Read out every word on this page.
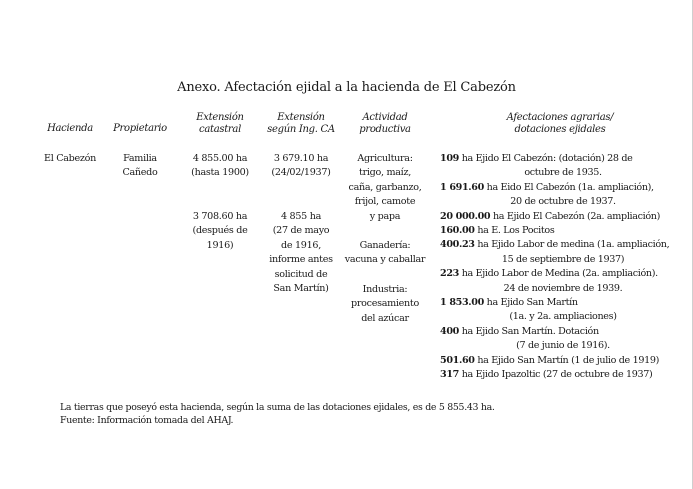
Anexo. Afectación ejidal a la hacienda de El Cabezón
Hacienda	Propietario
Extensión
catastral
Extensión
según Ing. CA
Actividad
productiva
Afectaciones agrarias/
dotaciones ejidales
El Cabezón	Familia
Cañedo
4 855.00 ha
(hasta 1900)
3 708.60 ha
(después de
1916)
3 679.10 ha
(24/02/1937)
4 855 ha
(27 de mayo
de 1916,
informe antes
solicitud de
San Martín)
Agricultura:
trigo, maíz,
caña, garbanzo,
frijol, camote
y papa
Ganadería:
vacuna y caballar
Industria:
procesamiento
del azúcar
109 ha Ejido El Cabezón: (dotación) 28 de
octubre de 1935.
1 691.60 ha Eido El Cabezón (1a. ampliación),
20 de octubre de 1937.
20 000.00 ha Ejido El Cabezón (2a. ampliación)
160.00 ha E. Los Pocitos
400.23 ha Ejido Labor de medina (1a. ampliación,
15 de septiembre de 1937)
223 ha Ejido Labor de Medina (2a. ampliación).
24 de noviembre de 1939.
1 853.00 ha Ejido San Martín
(1a. y 2a. ampliaciones)
400 ha Ejido San Martín. Dotación
(7 de junio de 1916).
501.60 ha Ejido San Martín (1 de julio de 1919)
317 ha Ejido Ipazoltic (27 de octubre de 1937)
La tierras que poseyó esta hacienda, según la suma de las dotaciones ejidales, es de 5 855.43 ha.
Fuente: Información tomada del AHAJ.
